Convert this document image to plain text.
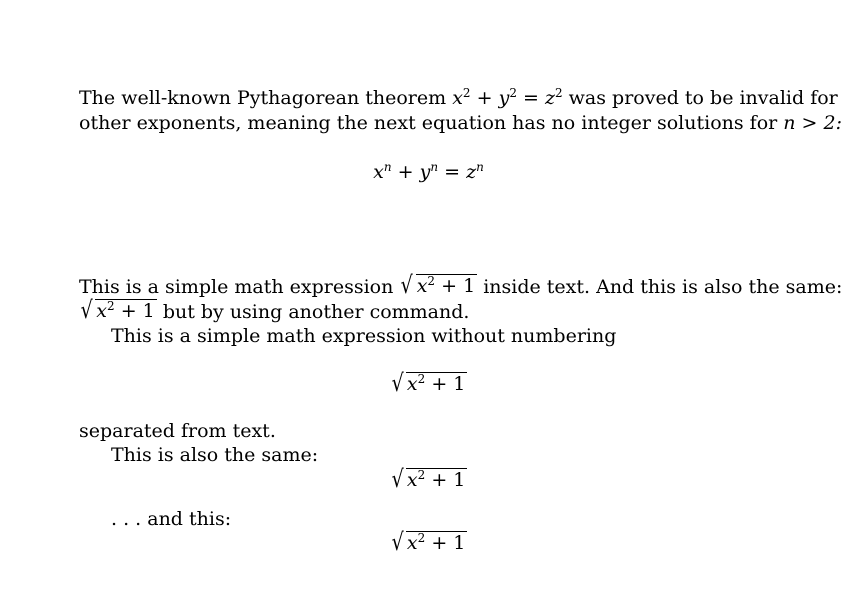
The well-known Pythagorean theorem $x^2 + y^2 = z^2$ was proved to be invalid for
other exponents, meaning the next equation has no integer solutions for n > 2:
$x^n + y^n = z^n$
This is a simple math expression √ $x^2 + 1$ inside text. And this is also the same:
√ $x^2 + 1$ but by using another command.
This is a simple math expression without numbering
√ $x^2 + 1$
separated from text.
This is also the same:
√ $x^2 + 1$
. . . and this:
√ $x^2 + 1$
